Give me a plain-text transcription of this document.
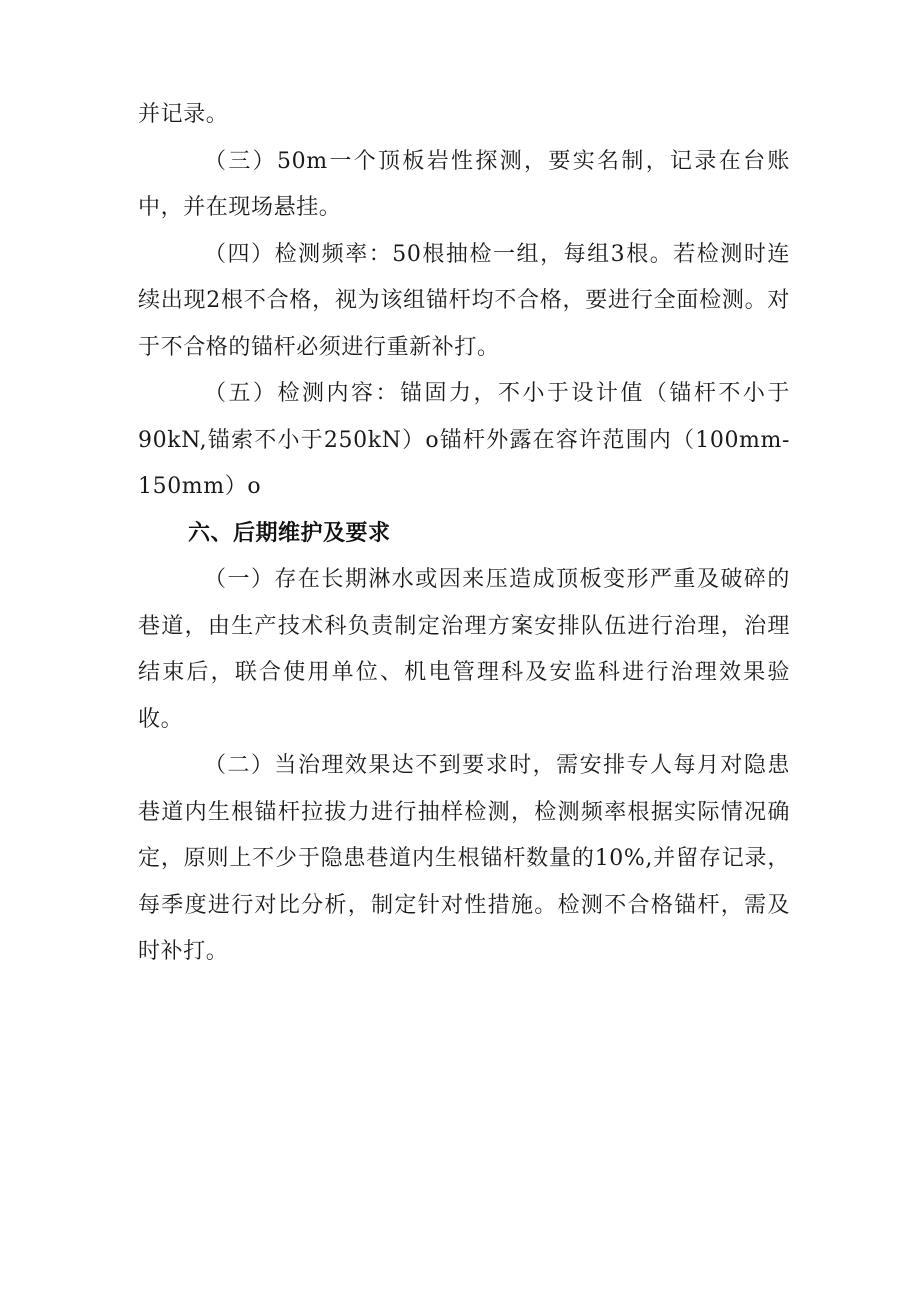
并记录。

（三）50m一个顶板岩性探测，要实名制，记录在台账中，并在现场悬挂。

（四）检测频率：50根抽检一组，每组3根。若检测时连续出现2根不合格，视为该组锚杆均不合格，要进行全面检测。对于不合格的锚杆必须进行重新补打。

（五）检测内容：锚固力，不小于设计值（锚杆不小于90kN,锚索不小于250kN）o锚杆外露在容许范围内（100mm-150mm）o

六、后期维护及要求

（一）存在长期淋水或因来压造成顶板变形严重及破碎的巷道，由生产技术科负责制定治理方案安排队伍进行治理，治理结束后，联合使用单位、机电管理科及安监科进行治理效果验收。

（二）当治理效果达不到要求时，需安排专人每月对隐患巷道内生根锚杆拉拔力进行抽样检测，检测频率根据实际情况确定，原则上不少于隐患巷道内生根锚杆数量的10%,并留存记录，每季度进行对比分析，制定针对性措施。检测不合格锚杆，需及时补打。
